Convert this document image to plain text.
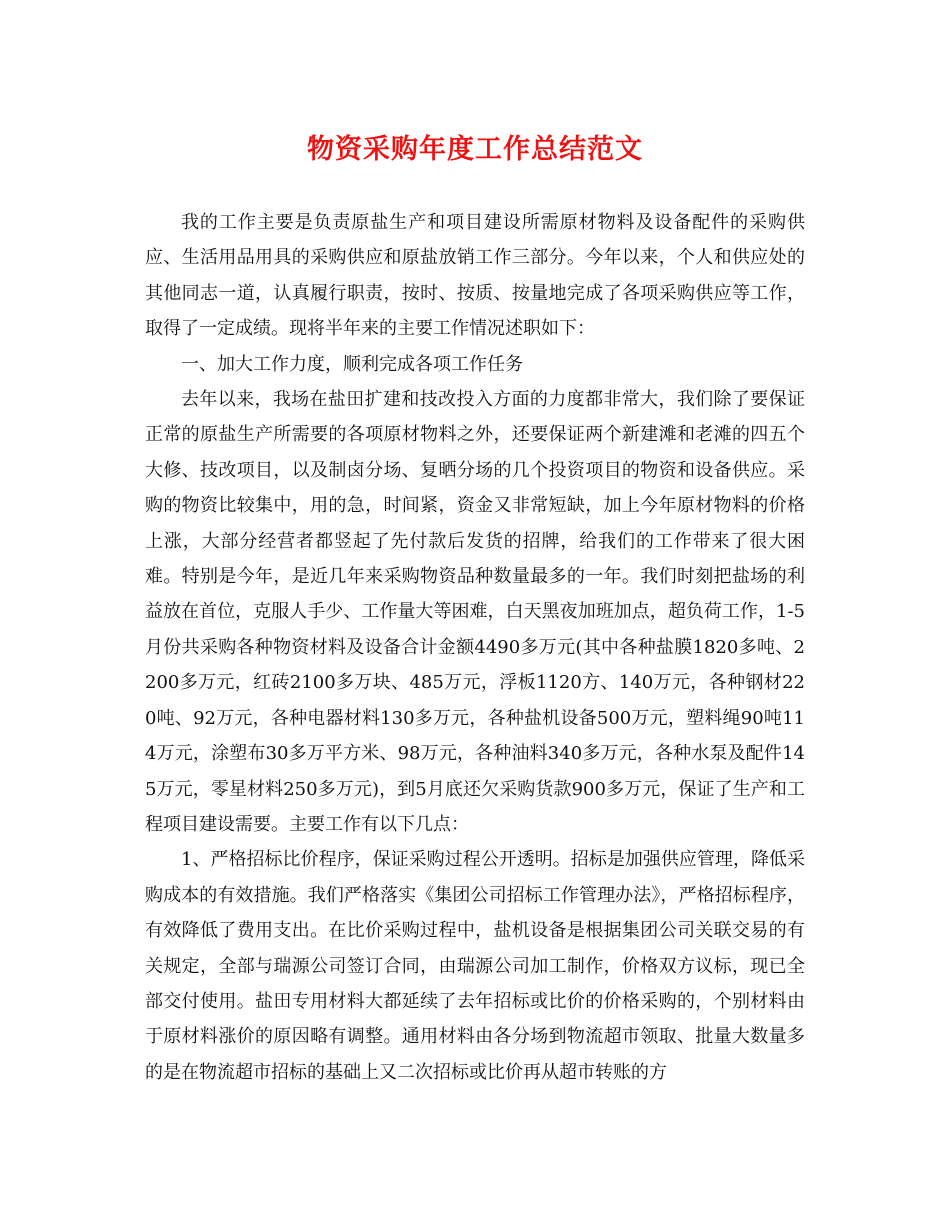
物资采购年度工作总结范文

我的工作主要是负责原盐生产和项目建设所需原材物料及设备配件的采购供应、生活用品用具的采购供应和原盐放销工作三部分。今年以来，个人和供应处的其他同志一道，认真履行职责，按时、按质、按量地完成了各项采购供应等工作，取得了一定成绩。现将半年来的主要工作情况述职如下：

一、加大工作力度，顺利完成各项工作任务

去年以来，我场在盐田扩建和技改投入方面的力度都非常大，我们除了要保证正常的原盐生产所需要的各项原材物料之外，还要保证两个新建滩和老滩的四五个大修、技改项目，以及制卤分场、复晒分场的几个投资项目的物资和设备供应。采购的物资比较集中，用的急，时间紧，资金又非常短缺，加上今年原材物料的价格上涨，大部分经营者都竖起了先付款后发货的招牌，给我们的工作带来了很大困难。特别是今年，是近几年来采购物资品种数量最多的一年。我们时刻把盐场的利益放在首位，克服人手少、工作量大等困难，白天黑夜加班加点，超负荷工作，1-5月份共采购各种物资材料及设备合计金额4490多万元(其中各种盐膜1820多吨、2200多万元，红砖2100多万块、485万元，浮板1120方、140万元，各种钢材220吨、92万元，各种电器材料130多万元，各种盐机设备500万元，塑料绳90吨114万元，涂塑布30多万平方米、98万元，各种油料340多万元，各种水泵及配件145万元，零星材料250多万元)，到5月底还欠采购货款900多万元，保证了生产和工程项目建设需要。主要工作有以下几点：

1、严格招标比价程序，保证采购过程公开透明。招标是加强供应管理，降低采购成本的有效措施。我们严格落实《集团公司招标工作管理办法》，严格招标程序，有效降低了费用支出。在比价采购过程中，盐机设备是根据集团公司关联交易的有关规定，全部与瑞源公司签订合同，由瑞源公司加工制作，价格双方议标，现已全部交付使用。盐田专用材料大都延续了去年招标或比价的价格采购的，个别材料由于原材料涨价的原因略有调整。通用材料由各分场到物流超市领取、批量大数量多的是在物流超市招标的基础上又二次招标或比价再从超市转账的方
